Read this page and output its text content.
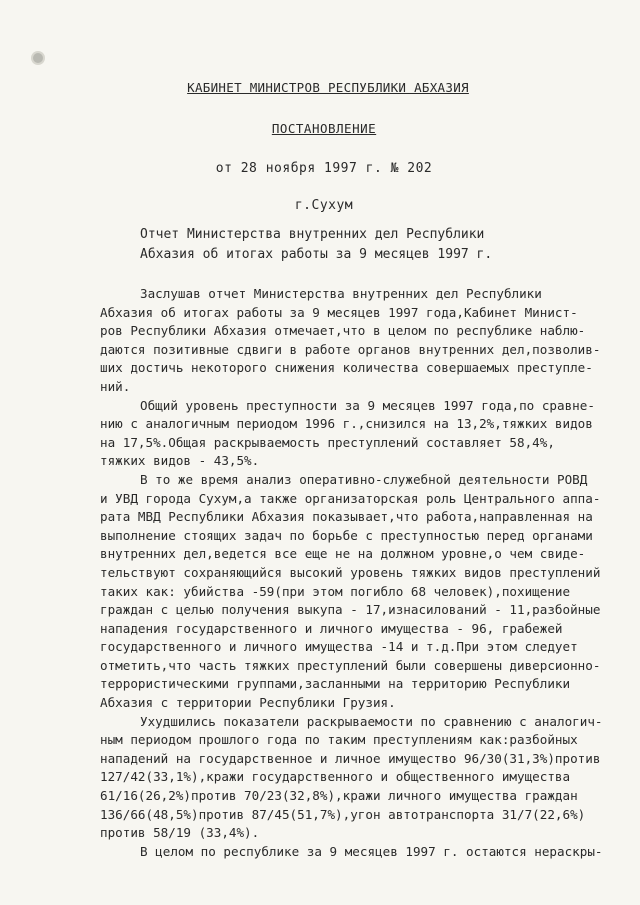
КАБИНЕТ МИНИСТРОВ РЕСПУБЛИКИ АБХАЗИЯ
ПОСТАНОВЛЕНИЕ
от 28 ноября 1997 г. № 202
г.Сухум
Отчет Министерства внутренних дел Республики
Абхазия об итогах работы за 9 месяцев 1997 г.
Заслушав отчет Министерства внутренних дел Республики
Абхазия об итогах работы за 9 месяцев 1997 года,Кабинет Минист-
ров Республики Абхазия отмечает,что в целом по республике наблю-
даются позитивные сдвиги в работе органов внутренних дел,позволив-
ших достичь некоторого снижения количества совершаемых преступле-
ний.
Общий уровень преступности за 9 месяцев 1997 года,по сравне-
нию с аналогичным периодом 1996 г.,снизился на 13,2%,тяжких видов
на 17,5%.Общая раскрываемость преступлений составляет 58,4%,
тяжких видов - 43,5%.
В то же время анализ оперативно-служебной деятельности РОВД
и УВД города Сухум,а также организаторская роль Центрального аппа-
рата МВД Республики Абхазия показывает,что работа,направленная на
выполнение стоящих задач по борьбе с преступностью перед органами
внутренних дел,ведется все еще не на должном уровне,о чем свиде-
тельствуют сохраняющийся высокий уровень тяжких видов преступлений
таких как: убийства -59(при этом погибло 68 человек),похищение
граждан с целью получения выкупа - 17,изнасилований - 11,разбойные
нападения государственного и личного имущества - 96, грабежей
государственного и личного имущества -14 и т.д.При этом следует
отметить,что часть тяжких преступлений были совершены диверсионно-
террористическими группами,засланными на территорию Республики
Абхазия с территории Республики Грузия.
Ухудшились показатели раскрываемости по сравнению с аналогич-
ным периодом прошлого года по таким преступлениям как:разбойных
нападений на государственное и личное имущество 96/30(31,3%)против
127/42(33,1%),кражи государственного и общественного имущества
61/16(26,2%)против 70/23(32,8%),кражи личного имущества граждан
136/66(48,5%)против 87/45(51,7%),угон автотранспорта 31/7(22,6%)
против 58/19 (33,4%).
В целом по республике за 9 месяцев 1997 г. остаются нераскры-
